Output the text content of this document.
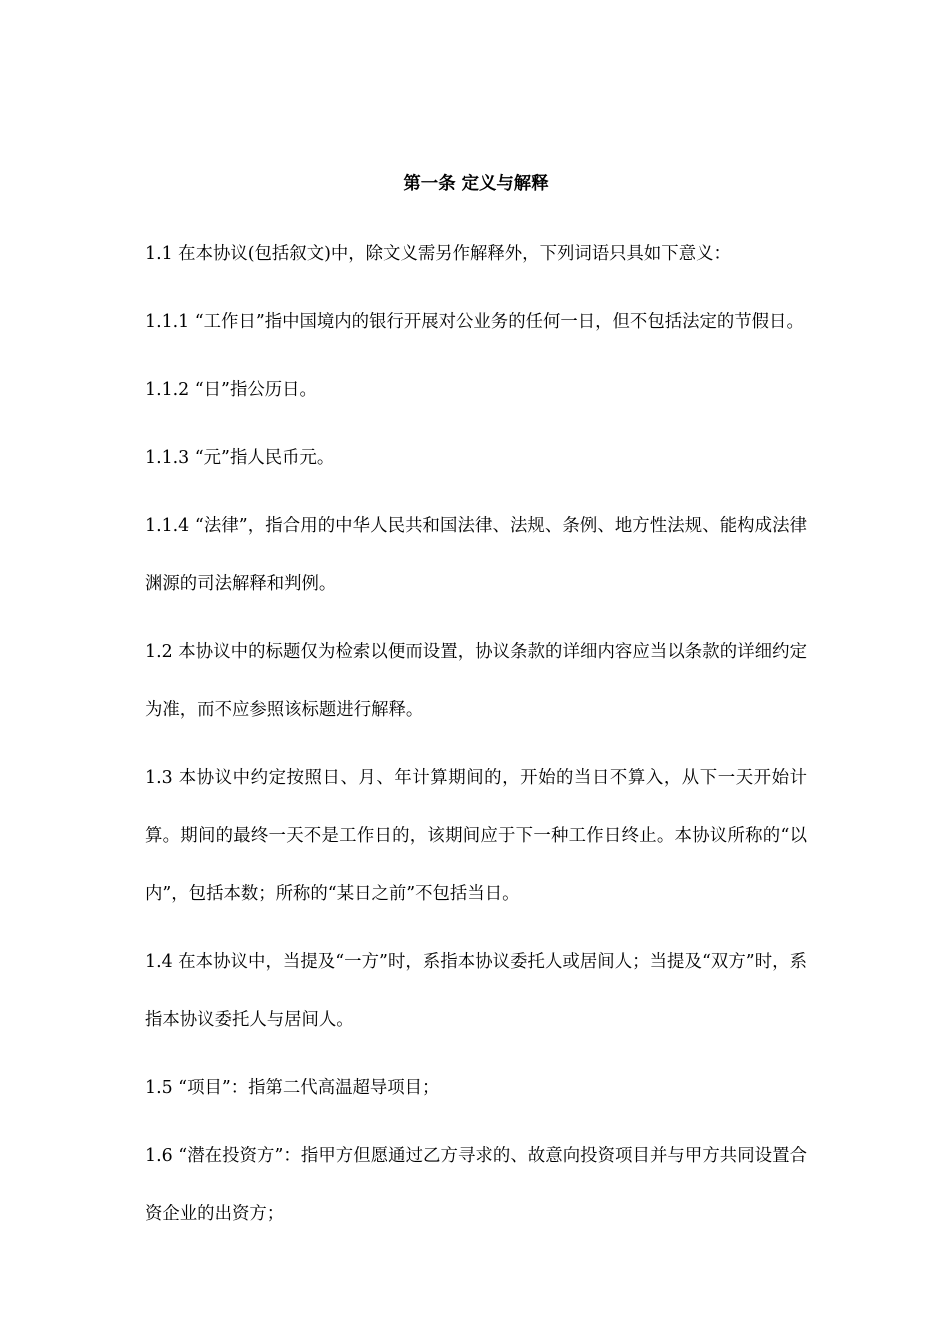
第一条 定义与解释

1.1 在本协议(包括叙文)中，除文义需另作解释外，下列词语只具如下意义：

1.1.1 “工作日”指中国境内的银行开展对公业务的任何一日，但不包括法定的节假日。

1.1.2 “日”指公历日。

1.1.3 “元”指人民币元。

1.1.4 “法律”，指合用的中华人民共和国法律、法规、条例、地方性法规、能构成法律渊源的司法解释和判例。

1.2 本协议中的标题仅为检索以便而设置，协议条款的详细内容应当以条款的详细约定为准，而不应参照该标题进行解释。

1.3 本协议中约定按照日、月、年计算期间的，开始的当日不算入，从下一天开始计算。期间的最终一天不是工作日的，该期间应于下一种工作日终止。本协议所称的“以内”，包括本数；所称的“某日之前”不包括当日。

1.4 在本协议中，当提及“一方”时，系指本协议委托人或居间人；当提及“双方”时，系指本协议委托人与居间人。

1.5 “项目”：指第二代高温超导项目；

1.6 “潜在投资方”：指甲方但愿通过乙方寻求的、故意向投资项目并与甲方共同设置合资企业的出资方；
